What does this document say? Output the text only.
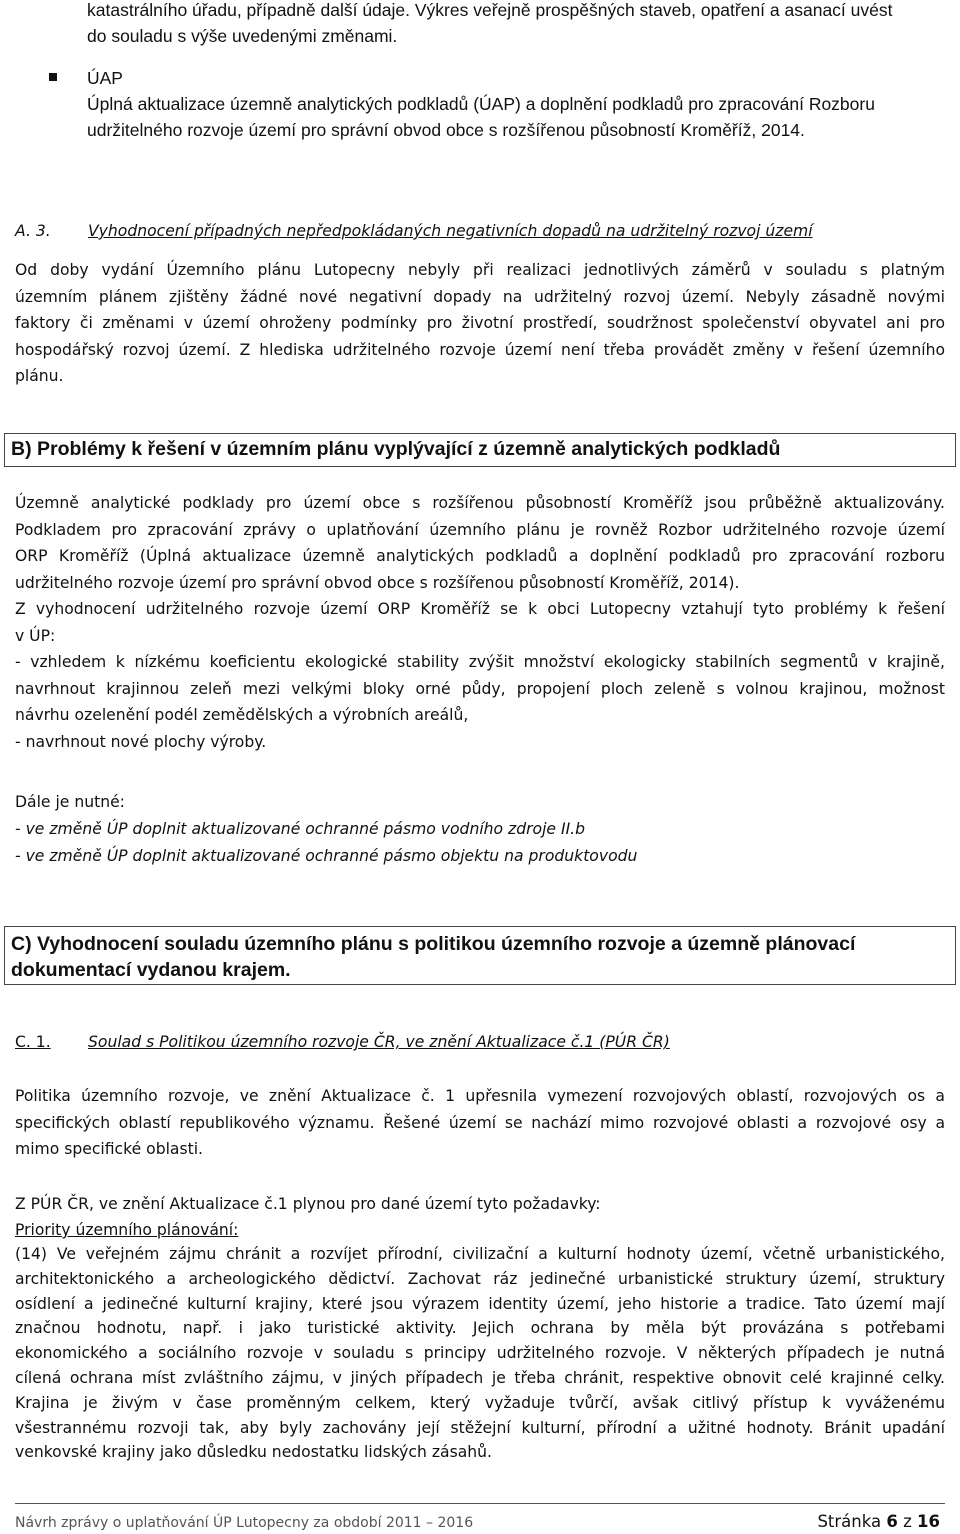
katastrálního úřadu, případně další údaje. Výkres veřejně prospěšných staveb, opatření a asanací uvést
do souladu s výše uvedenými změnami.
ÚAP
Úplná aktualizace územně analytických podkladů (ÚAP) a doplnění podkladů pro zpracování Rozboru
udržitelného rozvoje území pro správní obvod obce s rozšířenou působností Kroměříž, 2014.
A. 3. Vyhodnocení případných nepředpokládaných negativních dopadů na udržitelný rozvoj území
Od doby vydání Územního plánu Lutopecny nebyly při realizaci jednotlivých záměrů v souladu s platným
územním plánem zjištěny žádné nové negativní dopady na udržitelný rozvoj území. Nebyly zásadně novými
faktory či změnami v území ohroženy podmínky pro životní prostředí, soudržnost společenství obyvatel ani pro
hospodářský rozvoj území. Z hlediska udržitelného rozvoje území není třeba provádět změny v řešení územního
plánu.
B) Problémy k řešení v územním plánu vyplývající z územně analytických podkladů
Územně analytické podklady pro území obce s rozšířenou působností Kroměříž jsou průběžně aktualizovány.
Podkladem pro zpracování zprávy o uplatňování územního plánu je rovněž Rozbor udržitelného rozvoje území
ORP Kroměříž (Úplná aktualizace územně analytických podkladů a doplnění podkladů pro zpracování rozboru
udržitelného rozvoje území pro správní obvod obce s rozšířenou působností Kroměříž, 2014).
Z vyhodnocení udržitelného rozvoje území ORP Kroměříž se k obci Lutopecny vztahují tyto problémy k řešení
v ÚP:
- vzhledem k nízkému koeficientu ekologické stability zvýšit množství ekologicky stabilních segmentů v krajině,
navrhnout krajinnou zeleň mezi velkými bloky orné půdy, propojení ploch zeleně s volnou krajinou, možnost
návrhu ozelenění podél zemědělských a výrobních areálů,
- navrhnout nové plochy výroby.
Dále je nutné:
- ve změně ÚP doplnit aktualizované ochranné pásmo vodního zdroje II.b
- ve změně ÚP doplnit aktualizované ochranné pásmo objektu na produktovodu
C) Vyhodnocení souladu územního plánu s politikou územního rozvoje a územně plánovací
dokumentací vydanou krajem.
C. 1. Soulad s Politikou územního rozvoje ČR, ve znění Aktualizace č.1 (PÚR ČR)
Politika územního rozvoje, ve znění Aktualizace č. 1 upřesnila vymezení rozvojových oblastí, rozvojových os a
specifických oblastí republikového významu. Řešené území se nachází mimo rozvojové oblasti a rozvojové osy a
mimo specifické oblasti.
Z PÚR ČR, ve znění Aktualizace č.1 plynou pro dané území tyto požadavky:
Priority územního plánování:
(14) Ve veřejném zájmu chránit a rozvíjet přírodní, civilizační a kulturní hodnoty území, včetně urbanistického,
architektonického a archeologického dědictví. Zachovat ráz jedinečné urbanistické struktury území, struktury
osídlení a jedinečné kulturní krajiny, které jsou výrazem identity území, jeho historie a tradice. Tato území mají
značnou hodnotu, např. i jako turistické aktivity. Jejich ochrana by měla být provázána s potřebami
ekonomického a sociálního rozvoje v souladu s principy udržitelného rozvoje. V některých případech je nutná
cílená ochrana míst zvláštního zájmu, v jiných případech je třeba chránit, respektive obnovit celé krajinné celky.
Krajina je živým v čase proměnným celkem, který vyžaduje tvůrčí, avšak citlivý přístup k vyváženému
všestrannému rozvoji tak, aby byly zachovány její stěžejní kulturní, přírodní a užitné hodnoty. Bránit upadání
venkovské krajiny jako důsledku nedostatku lidských zásahů.
Návrh zprávy o uplatňování ÚP Lutopecny za období 2011 – 2016	Stránka 6 z 16
